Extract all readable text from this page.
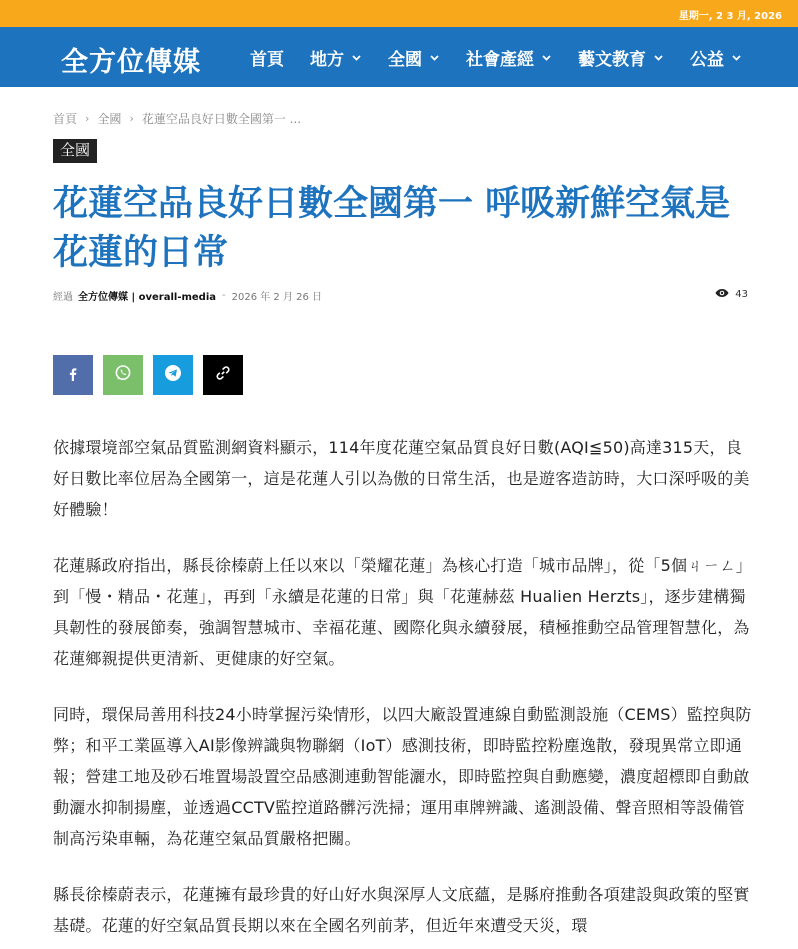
星期一, 2 3 月, 2026
全方位傳媒	首頁 地方	全國	社會產經	藝文教育	公益
首頁 › 全國 › 花蓮空品良好日數全國第一 ...
全國
花蓮空品良好日數全國第一 呼吸新鮮空氣是花蓮的日常
經過 全方位傳媒 | overall-media - 2026 年 2 月 26 日	43

依據環境部空氣品質監測網資料顯示，114年度花蓮空氣品質良好日數(AQI≦50)高達315天，良好日數比率位居為全國第一，這是花蓮人引以為傲的日常生活，也是遊客造訪時，大口深呼吸的美好體驗！

花蓮縣政府指出，縣長徐榛蔚上任以來以「榮耀花蓮」為核心打造「城市品牌」，從「5個ㄐㄧㄥ」到「慢・精品・花蓮」，再到「永續是花蓮的日常」與「花蓮赫茲 Hualien Herzts」，逐步建構獨具韌性的發展節奏，強調智慧城市、幸福花蓮、國際化與永續發展，積極推動空品管理智慧化，為花蓮鄉親提供更清新、更健康的好空氣。

同時，環保局善用科技24小時掌握污染情形，以四大廠設置連線自動監測設施（CEMS）監控與防弊；和平工業區導入AI影像辨識與物聯網（IoT）感測技術，即時監控粉塵逸散，發現異常立即通報；營建工地及砂石堆置場設置空品感測連動智能灑水，即時監控與自動應變，濃度超標即自動啟動灑水抑制揚塵，並透過CCTV監控道路髒污洗掃；運用車牌辨識、遙測設備、聲音照相等設備管制高污染車輛，為花蓮空氣品質嚴格把關。

縣長徐榛蔚表示，花蓮擁有最珍貴的好山好水與深厚人文底蘊，是縣府推動各項建設與政策的堅實基礎。花蓮的好空氣品質長期以來在全國名列前茅，但近年來遭受天災，環
